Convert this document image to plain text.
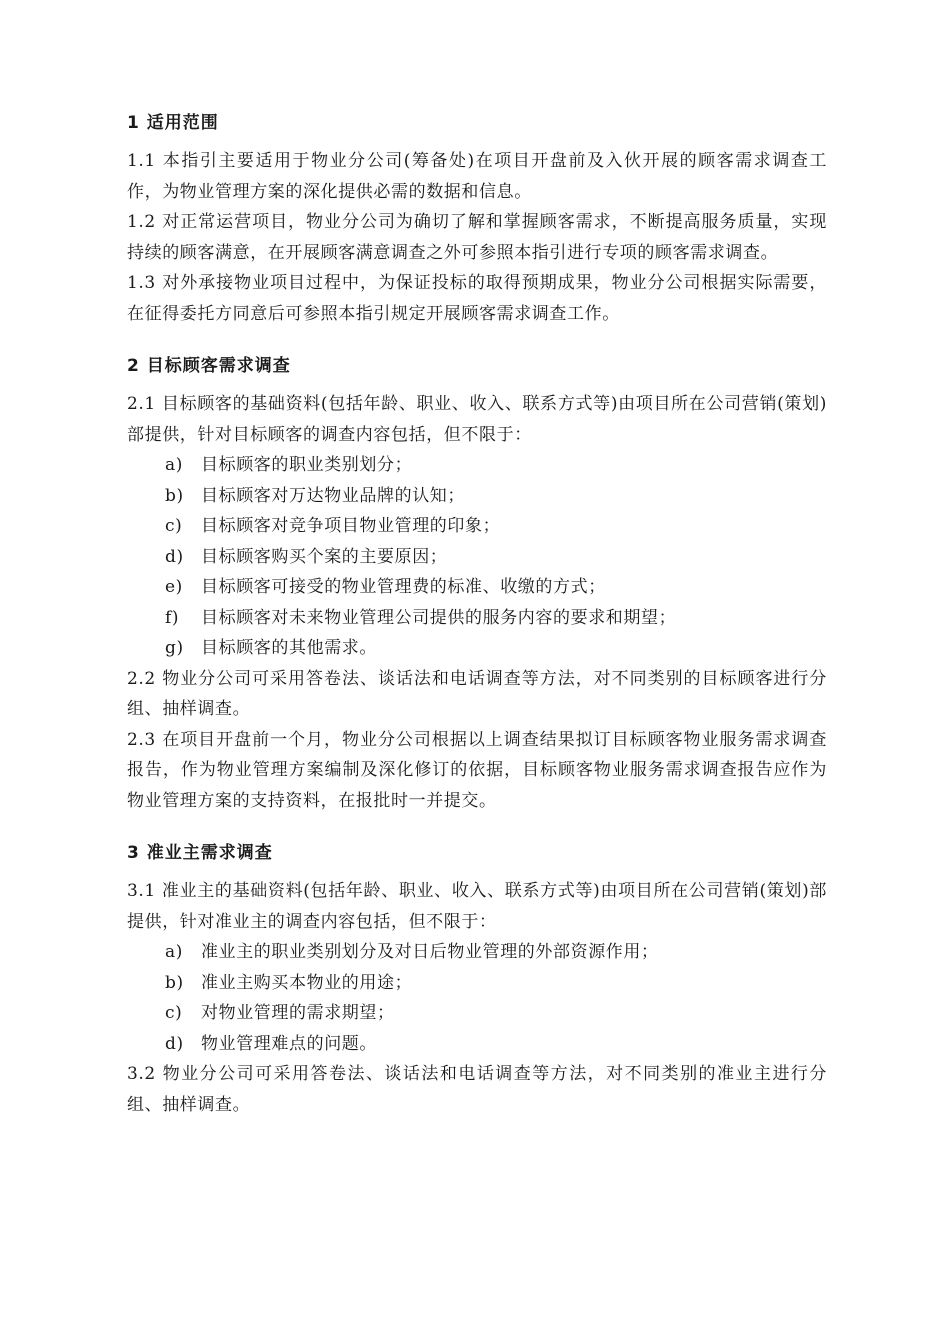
1 适用范围

1.1 本指引主要适用于物业分公司(筹备处)在项目开盘前及入伙开展的顾客需求调查工作，为物业管理方案的深化提供必需的数据和信息。

1.2 对正常运营项目，物业分公司为确切了解和掌握顾客需求，不断提高服务质量，实现持续的顾客满意，在开展顾客满意调查之外可参照本指引进行专项的顾客需求调查。

1.3 对外承接物业项目过程中，为保证投标的取得预期成果，物业分公司根据实际需要，在征得委托方同意后可参照本指引规定开展顾客需求调查工作。

2 目标顾客需求调查

2.1 目标顾客的基础资料(包括年龄、职业、收入、联系方式等)由项目所在公司营销(策划)部提供，针对目标顾客的调查内容包括，但不限于：

a) 目标顾客的职业类别划分；
b) 目标顾客对万达物业品牌的认知；
c) 目标顾客对竞争项目物业管理的印象；
d) 目标顾客购买个案的主要原因；
e) 目标顾客可接受的物业管理费的标准、收缴的方式；
f) 目标顾客对未来物业管理公司提供的服务内容的要求和期望；
g) 目标顾客的其他需求。

2.2 物业分公司可采用答卷法、谈话法和电话调查等方法，对不同类别的目标顾客进行分组、抽样调查。

2.3 在项目开盘前一个月，物业分公司根据以上调查结果拟订目标顾客物业服务需求调查报告，作为物业管理方案编制及深化修订的依据，目标顾客物业服务需求调查报告应作为物业管理方案的支持资料，在报批时一并提交。

3 准业主需求调查

3.1 准业主的基础资料(包括年龄、职业、收入、联系方式等)由项目所在公司营销(策划)部提供，针对准业主的调查内容包括，但不限于：

a) 准业主的职业类别划分及对日后物业管理的外部资源作用；
b) 准业主购买本物业的用途；
c) 对物业管理的需求期望；
d) 物业管理难点的问题。

3.2 物业分公司可采用答卷法、谈话法和电话调查等方法，对不同类别的准业主进行分组、抽样调查。
